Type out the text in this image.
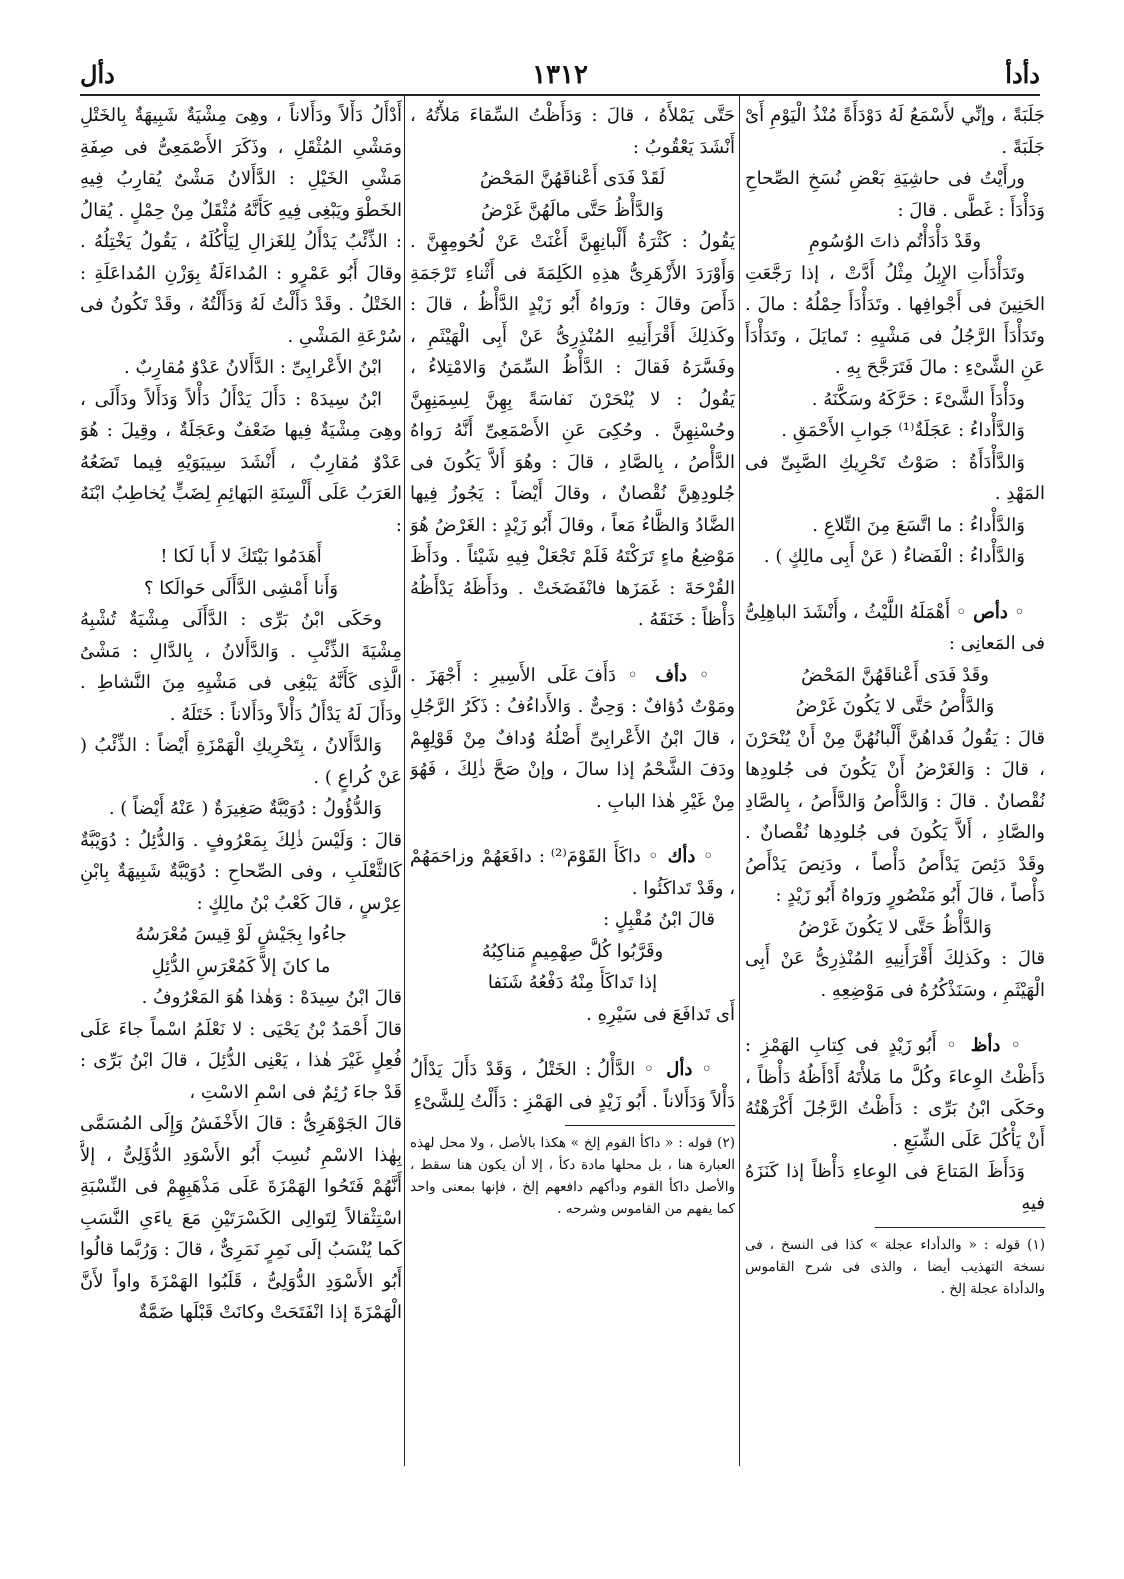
دأدأ
١٣١٢
دأل

جَلَبَةً ، وإنِّي لأَسْمَعُ لَهُ دَوْدَأَةً مُنْذُ الْيَوْمِ أَىْ جَلَبَةً .

ورأَيْتُ فى حاشِيَةِ بَعْضِ نُسَخِ الصِّحاحِ وَدَأْدَأَ : غَطَّى . قالَ :

وقَدْ دَأْدَأْتُم ذاتَ الوُسُومِ

وتَدَأْدَأَتِ الإِبِلُ مِثْلُ أَدَّتْ ، إذا رَجَّعَتِ الحَنِينَ فى أَجْوافِها . وتَدَأْدَأَ حِمْلُهُ : مالَ . وتَدَأْدَأَ الرَّجُلُ فى مَشْيِهِ : تَمايَلَ ، وتَدَأْدَأَ عَنِ الشَّىْءِ : مالَ فَتَرَجَّحَ بِهِ .

ودَأْدَأَ الشَّىْءَ : حَرَّكَهُ وسَكَّنَهُ .

وَالدَّأْداءُ : عَجَلَةٌ⁽¹⁾ جَوابِ الأَحْمَقِ .

وَالدَّأْدَأَةُ : صَوْتُ تَحْرِيكِ الصَّبِىِّ فى المَهْدِ .

وَالدَّأْداءُ : ما اتَّسَعَ مِنَ التِّلاعِ .

وَالدَّأْداءُ : الْفَضاءُ ( عَنْ أَبِى مالِكٍ ) .

◦ دأص ◦ أَهْمَلَهُ اللَّيْثُ ، وأَنْشَدَ الباهِلِىُّ فى المَعانِى :

وقَدْ فَدَى أَعْناقَهُنَّ المَحْضُ

وَالدَّأْصُ حَتَّى لا يَكُونَ غَرْضُ

قالَ : يَقُولُ فَداهُنَّ أَلْبانُهُنَّ مِنْ أَنْ يُنْحَرْنَ ، قالَ : وَالغَرْضُ أَنْ يَكُونَ فى جُلودِها نُقْصانٌ . قالَ : وَالدَّأْصُ وَالدَّأَصُ ، بِالصَّادِ والصَّادِ ، أَلاَّ يَكُونَ فى جُلودِها نُقْصانٌ . وقَدْ دَئِصَ يَدْأَصُ دَأْصاً ، ودَنِصَ يَدْأَصُ دَأْصاً ، قالَ أَبُو مَنْصُورٍ ورَواهُ أَبُو زَيْدٍ :

وَالدَّأْظُ حَتَّى لا يَكُونَ غَرْضُ

قالَ : وكَذلِكَ أَقْرَأَنِيهِ المُنْذِرِىُّ عَنْ أَبِى الْهَيْثَمِ ، وسَنَذْكُرُهُ فى مَوْضِعِهِ .

◦ دأظ ◦ أَبُو زَيْدٍ فى كِتابِ الهَمْزِ : دَأَظْتُ الوِعاءَ وكُلَّ ما مَلأْتَهُ أَدْأَظُهُ دَأْظاً ، وحَكَى ابْنُ بَرِّى : دَأَظْتُ الرَّجُلَ أَكْرَهْتُهُ أَنْ يَأْكُلَ عَلَى الشِّبَعِ .

وَدَأَظَ المَتاعَ فى الوِعاءِ دَأْظاً إذا كَنَزَهُ فيهِ

(١) قوله : « والدأداء عجلة » كذا فى النسخ ، فى نسخة التهذيب أيضا ، والذى فى شرح القاموس والدأداة عجلة إلخ .

حَتَّى يَمْلأَهُ ، قالَ : وَدَأَظْتُ السِّقاءَ مَلأْتُهُ ، أَنْشَدَ يَعْقُوبُ :

لَقَدْ فَدَى أَعْناقَهُنَّ المَحْضُ

وَالدَّأْظُ حَتَّى مالَهُنَّ غَرْضُ

يَقُولُ : كَثْرَةُ أَلْبانِهِنَّ أَغْنَتْ عَنْ لُحُومِهِنَّ . وَأَوْرَدَ الأَزْهَرِىُّ هذِهِ الكَلِمَةَ فى أَثْناءِ تَرْجَمَةِ دَأَصَ وقالَ : ورَواهُ أَبُو زَيْدٍ الدَّأْظُ ، قالَ : وكَذلِكَ أَقْرَأَنِيهِ المُنْذِرِىُّ عَنْ أَبِى الْهَيْثَمِ ، وفَسَّرَهُ فَقالَ : الدَّأْظُ السِّمَنُ وَالامْتِلاءُ ، يَقُولُ : لا يُنْحَرْنَ نَفاسَةً بِهِنَّ لِسِمَنِهِنَّ وحُسْنِهِنَّ . وحُكِىَ عَنِ الأَصْمَعِىِّ أَنَّهُ رَواهُ الدَّأْصُ ، بِالصَّادِ ، قالَ : وهُوَ أَلاَّ يَكُونَ فى جُلودِهِنَّ نُقْصانٌ ، وقالَ أَيْضاً : يَجُوزُ فِيها الضَّادُ وَالظَّاءُ مَعاً ، وقالَ أَبُو زَيْدٍ : الغَرْضُ هُوَ مَوْضِعُ ماءٍ تَرَكْتَهُ فَلَمْ تَجْعَلْ فِيهِ شَيْئاً . ودَأَظَ القُرْحَةَ : غَمَزَها فانْفَضَخَتْ . ودَأَظَهُ يَدْأَظُهُ دَأْظاً : خَنَقَهُ .

◦ دأف ◦ دَأَفَ عَلَى الأَسِيرِ : أَجْهَزَ . ومَوْتٌ دُؤافٌ : وَحِىٌّ . وَالأَداءُفُ : ذَكَرُ الرَّجُلِ ، قالَ ابْنُ الأَعْرابِىِّ أَصْلُهُ وُدافٌ مِنْ قَوْلِهِمْ ودَفَ الشَّحْمُ إذا سالَ ، وإنْ صَحَّ ذٰلِكَ ، فَهُوَ مِنْ غَيْرِ هٰذا البابِ .

◦ دأك ◦ داكَأَ القَوْمَ⁽²⁾ : دافَعَهُمْ وزاحَمَهُمْ ، وقَدْ تَداكَئُوا .

قالَ ابْنُ مُقْبِلٍ :

وقَرَّبُوا كُلَّ صِهْمِيمٍ مَناكِبُهُ

إذا تَداكَأَ مِنْهُ دَفْعُهُ شَنَفا

أَى تَدافَعَ فى سَيْرِهِ .

◦ دأل ◦ الدَّأْلُ : الخَتْلُ ، وَقَدْ دَأَلَ يَدْأَلُ دَأْلاً وَدَأَلاناً . أَبُو زَيْدٍ فى الهَمْزِ : دَأَلْتُ لِلشَّىْءِ

(٢) قوله : « داكأ القوم إلخ » هكذا بالأصل ، ولا محل لهذه العبارة هنا ، بل محلها مادة دكأ ، إلا أن يكون هنا سقط ، والأصل داكأ القوم ودأكهم دافعهم إلخ ، فإنها بمعنى واحد كما يفهم من القاموس وشرحه .

أَدْأَلُ دَأْلاً ودَأَلاناً ، وهِىَ مِشْيَةٌ شَبِيهَةٌ بِالخَتْلِ ومَشْىِ المُثْقَلِ ، وذَكَرَ الأَصْمَعِىُّ فى صِفَةِ مَشْىِ الخَيْلِ : الدَّأَلانُ مَشْىٌ يُقارِبُ فِيهِ الخَطْوَ ويَبْغِى فِيهِ كَأَنَّهُ مُثْقَلٌ مِنْ حِمْلٍ . يُقالُ : الذِّئْبُ يَدْأَلُ لِلغَزالِ لِيَأْكُلَهُ ، يَقُولُ يَخْتِلُهُ . وقالَ أَبُو عَمْرٍو : المُداءَلَةُ بِوَزْنِ المُداعَلَةِ : الخَتْلُ . وقَدْ دَأَلْتُ لَهُ وَدَأَلْتُهُ ، وقَدْ تَكُونُ فى سُرْعَةِ المَشْىِ .

ابْنُ الأَعْرابِىِّ : الدَّأَلانُ عَدْوٌ مُقارِبٌ .

ابْنُ سِيدَهْ : دَأَلَ يَدْأَلُ دَأْلاً وَدَأَلاً ودَأَلَى ، وهِىَ مِشْيَةٌ فِيها ضَعْفٌ وعَجَلَةٌ ، وقِيلَ : هُوَ عَدْوٌ مُقارِبٌ ، أَنْشَدَ سِيبَوَيْهِ فِيما تَضَعُهُ العَرَبُ عَلَى أَلْسِنَةِ البَهائِمِ لِضَبٍّ يُخاطِبُ ابْنَهُ :

أَهَدَمُوا بَيْتَكَ لا أَبا لَكا !

وَأَنا أَمْشِى الدَّأَلَى حَوالَكا ؟

وحَكَى ابْنُ بَرِّى : الدَّأَلَى مِشْيَةٌ تُشْبِهُ مِشْيَةَ الذِّئْبِ . وَالدَّأَلانُ ، بِالدَّالِ : مَشْىُ الَّذِى كَأَنَّهُ يَبْغِى فى مَشْيِهِ مِنَ النَّشاطِ . ودَأَلَ لَهُ يَدْأَلُ دَأْلاً ودَأَلاناً : خَتَلَهُ .

وَالدَّأَلانُ ، بِتَحْرِيكِ الْهَمْزَةِ أَيْضاً : الذِّئْبُ ( عَنْ كُراعٍ ) .

وَالدُّؤُولُ : دُوَيْبَّةٌ صَغِيرَةٌ ( عَنْهُ أَيْضاً ) .

قالَ : وَلَيْسَ ذٰلِكَ بِمَعْرُوفٍ . وَالدُّئِلُ : دُوَيْبَّةٌ كَالثَّعْلَبِ ، وفى الصِّحاحِ : دُوَيْبَّةٌ شَبِيهَةٌ بِابْنِ عِرْسٍ ، قالَ كَعْبُ بْنُ مالِكٍ :

جاءُوا بِجَيْشٍ لَوْ قِيسَ مُعْرَسُهُ

ما كانَ إلاَّ كَمُعْرَسِ الدُّئِلِ

قالَ ابْنُ سِيدَهْ : وَهٰذا هُوَ المَعْرُوفُ .

قالَ أَحْمَدُ بْنُ يَحْيَى : لا نَعْلَمُ اسْماً جاءَ عَلَى فُعِلٍ غَيْرَ هٰذا ، يَعْنِى الدُّئِلَ ، قالَ ابْنُ بَرِّى : قَدْ جاءَ رُئِمٌ فى اسْمِ الاسْتِ ،

قالَ الجَوْهَرِىُّ : قالَ الأَخْفَشُ وَإِلَى المُسَمَّى بِهٰذا الاسْمِ نُسِبَ أَبُو الأَسْوَدِ الدُّؤَلِىُّ ، إلاَّ أَنَّهُمْ فَتَحُوا الهَمْزَةَ عَلَى مَذْهَبِهِمْ فى النِّسْبَةِ اسْتِثْقالاً لِتَوالِى الكَسْرَتَيْنِ مَعَ ياءَىِ النَّسَبِ كَما يُنْسَبُ إلَى نَمِرٍ نَمَرِىٌّ ، قالَ : وَرُبَّما قالُوا أَبُو الأَسْوَدِ الدُّوَلِىُّ ، قَلَبُوا الهَمْزَةَ واواً لأَنَّ الْهَمْزَةَ إذا انْفَتَحَتْ وكانَتْ قَبْلَها ضَمَّةٌ
